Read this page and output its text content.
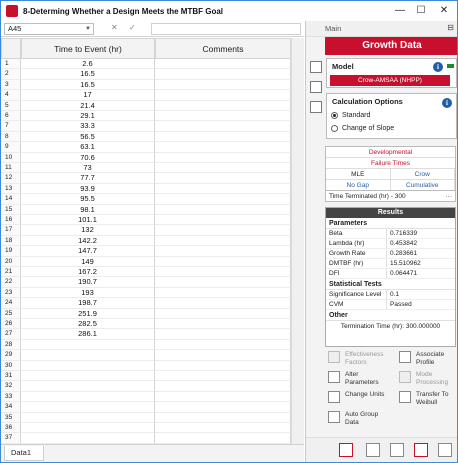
8-Determing Whether a Design Meets the MTBF Goal	— ☐ ✕
A45	▼	✕ ✓
Time to Event (hr)	Comments
1	2.6
2	16.5
3	16.5
4	17
5	21.4
6	29.1
7	33.3
8	56.5
9	63.1
10	70.6
11	73
12	77.7
13	93.9
14	95.5
15	98.1
16	101.1
17	132
18	142.2
19	147.7
20	149
21	167.2
22	190.7
23	193
24	198.7
25	251.9
26	282.5
27	286.1
28
29
30
31
32
33
34
35
36
37
Data1
Main	⊟
Growth Data
Model	i
Crow-AMSAA (NHPP)
Calculation Options	i
Standard
Change of Slope
Developmental
Failure Times
MLE	Crow
No Gap	Cumulative
Time Terminated (hr) - 300	···
Results
Parameters
Beta	0.716339
Lambda (hr)	0.453842
Growth Rate	0.283661
DMTBF (hr)	15.510962
DFI	0.064471
Statistical Tests
Significance Level	0.1
CVM	Passed
Other
Termination Time (hr): 300.000000
Effectiveness Factors
Associate Profile
Alter Parameters
Mode Processing
Change Units	Transfer To Weibull
Auto Group Data
